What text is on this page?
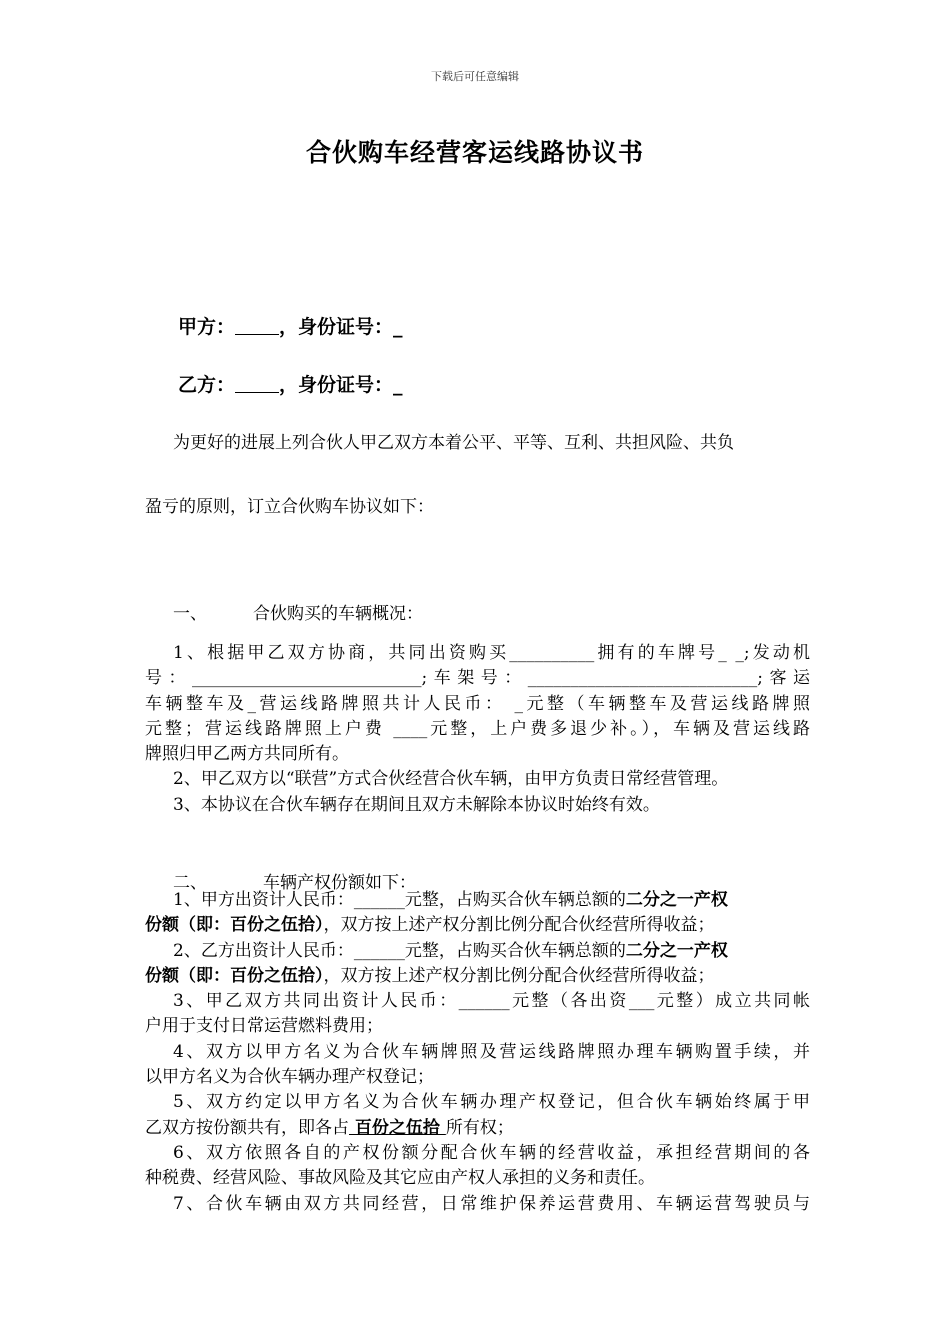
下载后可任意编辑
合伙购车经营客运线路协议书
甲方： ，身份证号：_
乙方： ，身份证号：_
为更好的进展上列合伙人甲乙双方本着公平、平等、互利、共担风险、共负
盈亏的原则，订立合伙购车协议如下：
一、	合伙购买的车辆概况：
1、根据甲乙双方协商，共同出资购买__________拥有的车牌号_ _;发动机
号：___________________________;车架号：___________________________;客运
车辆整车及_营运线路牌照共计人民币： _元整（车辆整车及营运线路牌照
元整；营运线路牌照上户费 ____元整，上户费多退少补。），车辆及营运线路
牌照归甲乙两方共同所有。
2、甲乙双方以“联营”方式合伙经营合伙车辆，由甲方负责日常经营管理。
3、本协议在合伙车辆存在期间且双方未解除本协议时始终有效。
二、	车辆产权份额如下：
1、甲方出资计人民币：______元整，占购买合伙车辆总额的二分之一产权
份额（即：百份之伍拾），双方按上述产权分割比例分配合伙经营所得收益；
2、乙方出资计人民币：______元整，占购买合伙车辆总额的二分之一产权
份额（即：百份之伍拾），双方按上述产权分割比例分配合伙经营所得收益；
3、甲乙双方共同出资计人民币：______元整（各出资___元整）成立共同帐
户用于支付日常运营燃料费用；
4、双方以甲方名义为合伙车辆牌照及营运线路牌照办理车辆购置手续，并
以甲方名义为合伙车辆办理产权登记；
5、双方约定以甲方名义为合伙车辆办理产权登记，但合伙车辆始终属于甲
乙双方按份额共有，即各占 百份之伍拾 所有权；
6、双方依照各自的产权份额分配合伙车辆的经营收益，承担经营期间的各
种税费、经营风险、事故风险及其它应由产权人承担的义务和责任。
7、合伙车辆由双方共同经营，日常维护保养运营费用、车辆运营驾驶员与
